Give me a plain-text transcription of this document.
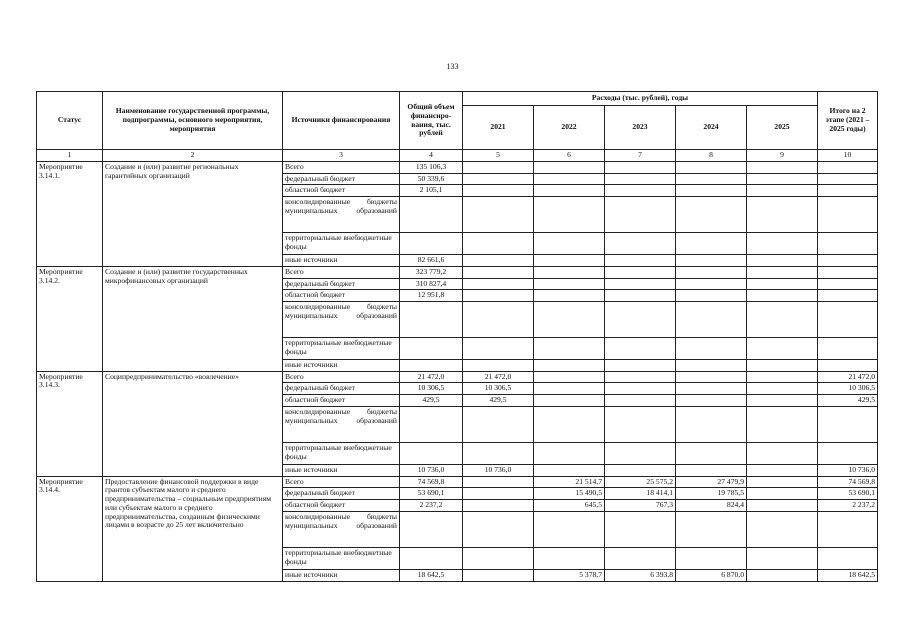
133
Статус	Наименование государственной программы, подпрограммы, основного мероприятия, мероприятия	Источники финансирования	Общий объем финансиро-вания, тыс. рублей	Расходы (тыс. рублей), годы					Итого на 2 этапе (2021 – 2025 годы)
				2021	2022	2023	2024	2025	
1	2	3	4	5	6	7	8	9	10
Мероприятие 3.14.1.	Создание и (или) развитие региональных гарантийных организаций	Всего	135 106,3						
		федеральный бюджет	50 339,6						
		областной бюджет	2 105,1						
		консолидированные бюджеты муниципальных образований							
		территориальные внебюджетные фонды							
		иные источники	82 661,6						
Мероприятие 3.14.2.	Создание и (или) развитие государственных микрофинансовых организаций	Всего	323 779,2						
		федеральный бюджет	310 827,4						
		областной бюджет	12 951,8						
		консолидированные бюджеты муниципальных образований							
		территориальные внебюджетные фонды							
		иные источники							
Мероприятие 3.14.3.	Соципредпринимательство «вовлечение»	Всего	21 472,0	21 472,0					21 472,0
		федеральный бюджет	10 306,5	10 306,5					10 306,5
		областной бюджет	429,5	429,5					429,5
		консолидированные бюджеты муниципальных образований							
		территориальные внебюджетные фонды							
		иные источники	10 736,0	10 736,0					10 736,0
Мероприятие 3.14.4.	Предоставление финансовой поддержки в виде грантов субъектам малого и среднего предпринимательства – социальным предприятиям или субъектам малого и среднего предпринимательства, созданным физическими лицами в возрасте до 25 лет включительно	Всего	74 569,8		21 514,7	25 575,2	27 479,9		74 569,8
		федеральный бюджет	53 690,1		15 490,5	18 414,1	19 785,5		53 690,1
		областной бюджет	2 237,2		645,5	767,3	824,4		2 237,2
		консолидированные бюджеты муниципальных образований							
		территориальные внебюджетные фонды							
		иные источники	18 642,5		5 378,7	6 393,8	6 870,0		18 642,5
